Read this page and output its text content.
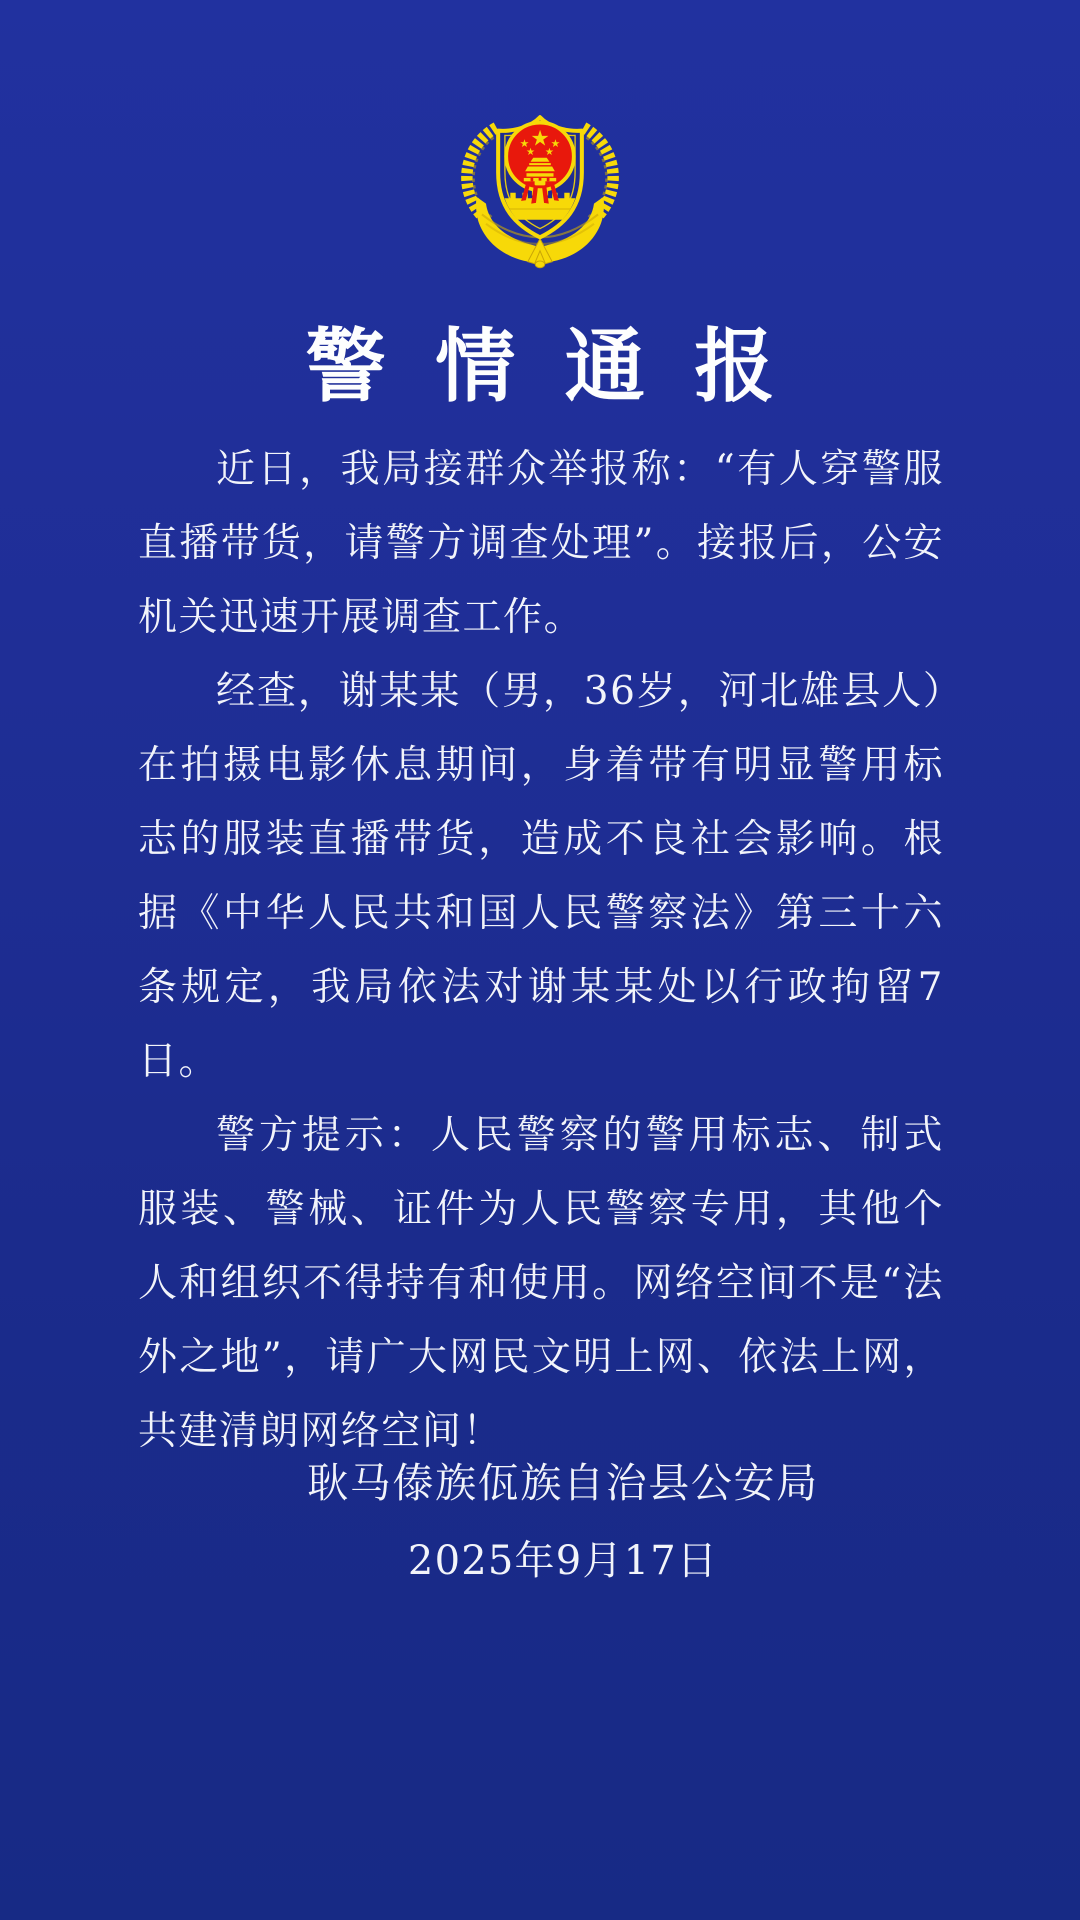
★
★ ★
★ ★
警情通报

近日，我局接群众举报称：“有人穿警服直播带货，请警方调查处理”。接报后，公安机关迅速开展调查工作。

经查，谢某某（男，36岁，河北雄县人）在拍摄电影休息期间，身着带有明显警用标志的服装直播带货，造成不良社会影响。根据《中华人民共和国人民警察法》第三十六条规定，我局依法对谢某某处以行政拘留7日。

警方提示：人民警察的警用标志、制式服装、警械、证件为人民警察专用，其他个人和组织不得持有和使用。网络空间不是“法外之地”，请广大网民文明上网、依法上网，共建清朗网络空间！

耿马傣族佤族自治县公安局
2025年9月17日
